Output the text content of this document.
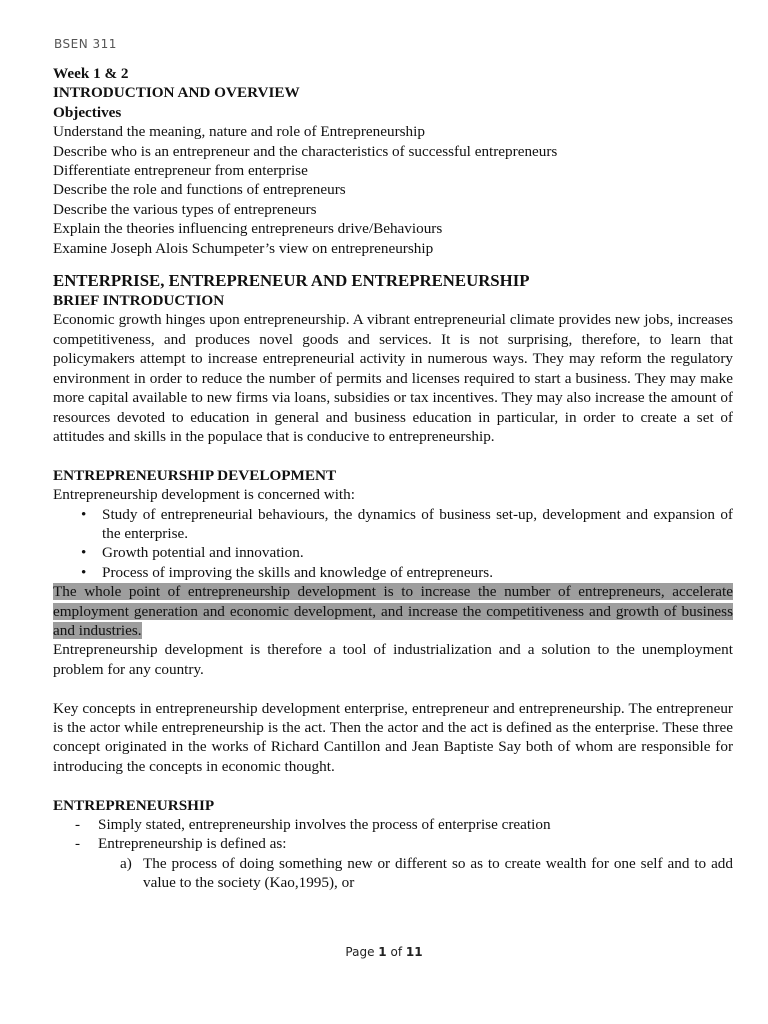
BSEN 311
Week 1 & 2
INTRODUCTION AND OVERVIEW
Objectives
Understand the meaning, nature and role of Entrepreneurship
Describe who is an entrepreneur and the characteristics of successful entrepreneurs
Differentiate entrepreneur from enterprise
Describe the role and functions of entrepreneurs
Describe the various types of entrepreneurs
Explain the theories influencing entrepreneurs drive/Behaviours
Examine Joseph Alois Schumpeter’s view on entrepreneurship
ENTERPRISE, ENTREPRENEUR AND ENTREPRENEURSHIP
BRIEF INTRODUCTION
Economic growth hinges upon entrepreneurship. A vibrant entrepreneurial climate provides new jobs, increases competitiveness, and produces novel goods and services. It is not surprising, therefore, to learn that policymakers attempt to increase entrepreneurial activity in numerous ways. They may reform the regulatory environment in order to reduce the number of permits and licenses required to start a business. They may make more capital available to new firms via loans, subsidies or tax incentives. They may also increase the amount of resources devoted to education in general and business education in particular, in order to create a set of attitudes and skills in the populace that is conducive to entrepreneurship.
ENTREPRENEURSHIP DEVELOPMENT
Entrepreneurship development is concerned with:
• Study of entrepreneurial behaviours, the dynamics of business set-up, development and expansion of the enterprise.
• Growth potential and innovation.
• Process of improving the skills and knowledge of entrepreneurs.
The whole point of entrepreneurship development is to increase the number of entrepreneurs, accelerate employment generation and economic development, and increase the competitiveness and growth of business and industries.
Entrepreneurship development is therefore a tool of industrialization and a solution to the unemployment problem for any country.
Key concepts in entrepreneurship development enterprise, entrepreneur and entrepreneurship. The entrepreneur is the actor while entrepreneurship is the act. Then the actor and the act is defined as the enterprise. These three concept originated in the works of Richard Cantillon and Jean Baptiste Say both of whom are responsible for introducing the concepts in economic thought.
ENTREPRENEURSHIP
- Simply stated, entrepreneurship involves the process of enterprise creation
- Entrepreneurship is defined as:
a) The process of doing something new or different so as to create wealth for one self and to add value to the society (Kao,1995), or
Page 1 of 11
